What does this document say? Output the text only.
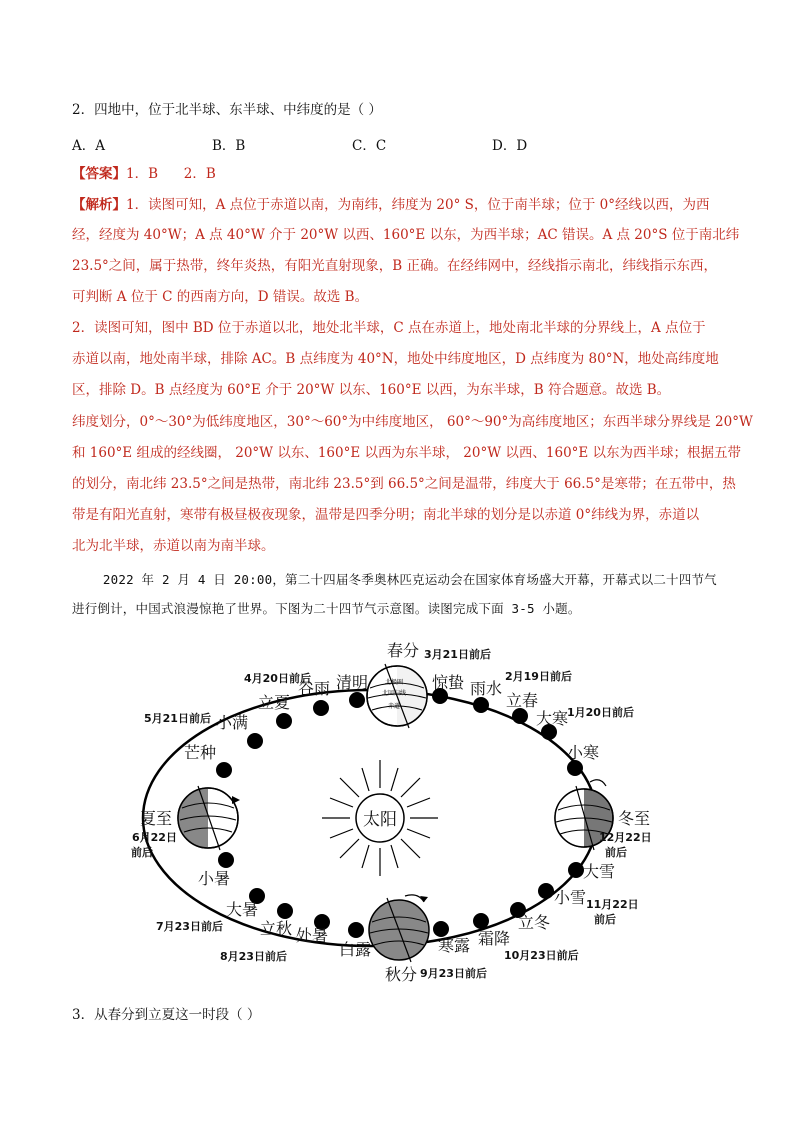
2．四地中，位于北半球、东半球、中纬度的是（ ）
A．A	B．B	C．C	D．D
【答案】1．B      2．B
【解析】1．读图可知，A 点位于赤道以南，为南纬，纬度为 20° S，位于南半球；位于 0°经线以西，为西
经，经度为 40°W；A 点 40°W 介于 20°W 以西、160°E 以东，为西半球；AC 错误。A 点 20°S 位于南北纬
23.5°之间，属于热带，终年炎热，有阳光直射现象，B 正确。在经纬网中，经线指示南北，纬线指示东西，
可判断 A 位于 C 的西南方向，D 错误。故选 B。
2．读图可知，图中 BD 位于赤道以北，地处北半球，C 点在赤道上，地处南北半球的分界线上，A 点位于
赤道以南，地处南半球，排除 AC。B 点纬度为 40°N，地处中纬度地区，D 点纬度为 80°N，地处高纬度地
区，排除 D。B 点经度为 60°E 介于 20°W 以东、160°E 以西，为东半球，B 符合题意。故选 B。
纬度划分，0°～30°为低纬度地区，30°～60°为中纬度地区， 60°～90°为高纬度地区；东西半球分界线是 20°W
和 160°E 组成的经线圈， 20°W 以东、160°E 以西为东半球， 20°W 以西、160°E 以东为西半球；根据五带
的划分，南北纬 23.5°之间是热带，南北纬 23.5°到 66.5°之间是温带，纬度大于 66.5°是寒带；在五带中，热
带是有阳光直射，寒带有极昼极夜现象，温带是四季分明；南北半球的划分是以赤道 0°纬线为界，赤道以
北为北半球，赤道以南为南半球。
2022 年 2 月 4 日 20:00，第二十四届冬季奥林匹克运动会在国家体育场盛大开幕，开幕式以二十四节气
进行倒计，中国式浪漫惊艳了世界。下图为二十四节气示意图。读图完成下面 3-5 小题。
太阳
北极圈
北回归线
赤道
春分 3月21日前后
惊蛰 雨水
2月19日前后
立春
1月20日前后
大寒
小寒
冬至
12月22日
前后
大雪
小雪 11月22日
前后
立冬
霜降
10月23日前后
寒露
秋分 9月23日前后
白露
处暑
8月23日前后
立秋
大暑
7月23日前后
小暑
夏至
6月22日
前后
芒种
小满
5月21日前后
立夏
谷雨
4月20日前后 清明
3．从春分到立夏这一时段（ ）
